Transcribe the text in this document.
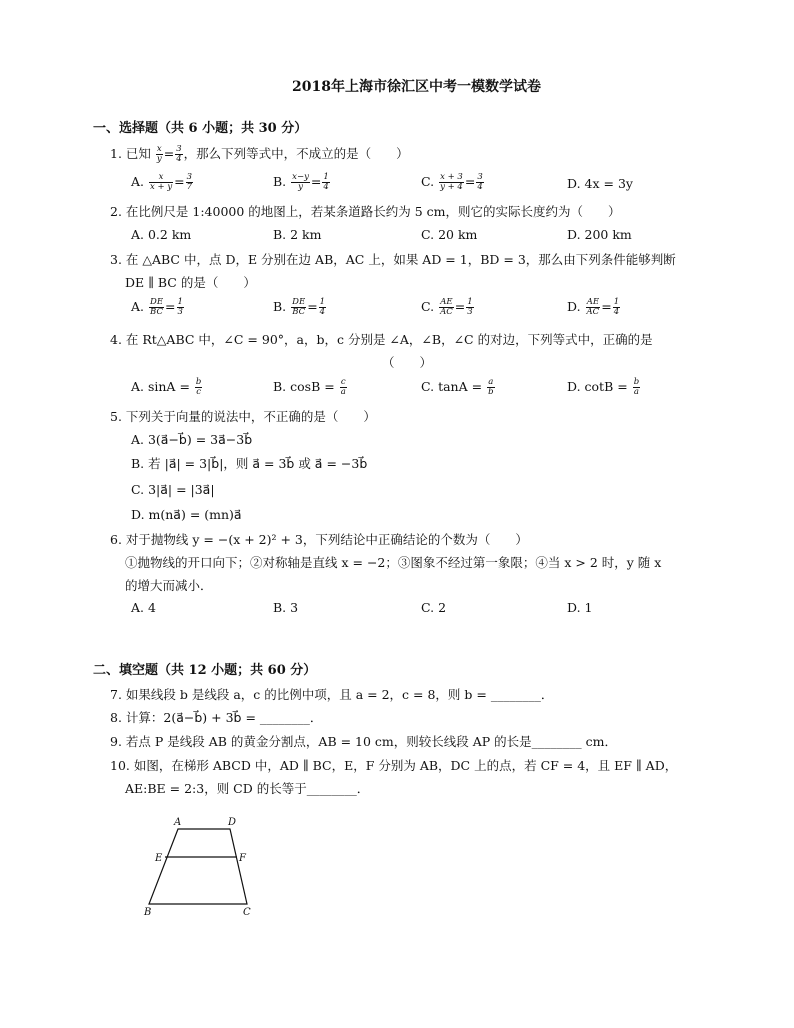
2018年上海市徐汇区中考一模数学试卷
一、选择题（共 6 小题；共 30 分）
1. 已知 $\frac{x}{y} = \frac{3}{4}$ ，那么下列等式中，不成立的是（　　）
A. $\frac{x}{x + y} = \frac{3}{7}$	B. $\frac{x-y}{y} = \frac{1}{4}$	C. $\frac{x + 3}{y + 4} = \frac{3}{4}$	D. 4x = 3y
2. 在比例尺是 1:40000 的地图上，若某条道路长约为 5 cm，则它的实际长度约为（　　）
A. 0.2 km	B. 2 km	C. 20 km	D. 200 km
3. 在 △ABC 中，点 D，E 分别在边 AB，AC 上，如果 AD = 1，BD = 3，那么由下列条件能够判断
DE ∥ BC 的是（　　）
A. $\frac{DE}{BC} = \frac{1}{3}$	B. $\frac{DE}{BC} = \frac{1}{4}$	C. $\frac{AE}{AC} = \frac{1}{3}$	D. $\frac{AE}{AC} = \frac{1}{4}$
4. 在 Rt△ABC 中，∠C = 90°，a，b，c 分别是 ∠A，∠B，∠C 的对边，下列等式中，正确的是
（　　）
A. $\sin A = \frac{b}{c}$	B. $\cos B = \frac{c}{a}$	C. $\tan A = \frac{a}{b}$	D. $\cot B = \frac{b}{a}$
5. 下列关于向量的说法中，不正确的是（　　）
A. 3(a⃗−b⃗) = 3a⃗−3b⃗
B. 若 |a⃗| = 3|b⃗|，则 a⃗ = 3b⃗ 或 a⃗ = −3b⃗
C. 3|a⃗| = |3a⃗|
D. m(na⃗) = (mn)a⃗
6. 对于抛物线 y = −(x + 2)² + 3，下列结论中正确结论的个数为（　　）
①抛物线的开口向下；②对称轴是直线 x = −2；③图象不经过第一象限；④当 x > 2 时，y 随 x
的增大而减小．
A. 4	B. 3	C. 2	D. 1
二、填空题（共 12 小题；共 60 分）
7. 如果线段 b 是线段 a，c 的比例中项，且 a = 2，c = 8，则 b = ________．
8. 计算：2(a⃗−b⃗) + 3b⃗ = ________．
9. 若点 P 是线段 AB 的黄金分割点，AB = 10 cm，则较长线段 AP 的长是________ cm．
10. 如图，在梯形 ABCD 中，AD ∥ BC，E，F 分别为 AB，DC 上的点，若 CF = 4，且 EF ∥ AD，
AE:BE = 2:3，则 CD 的长等于________．
A	D
E	F
B	C
